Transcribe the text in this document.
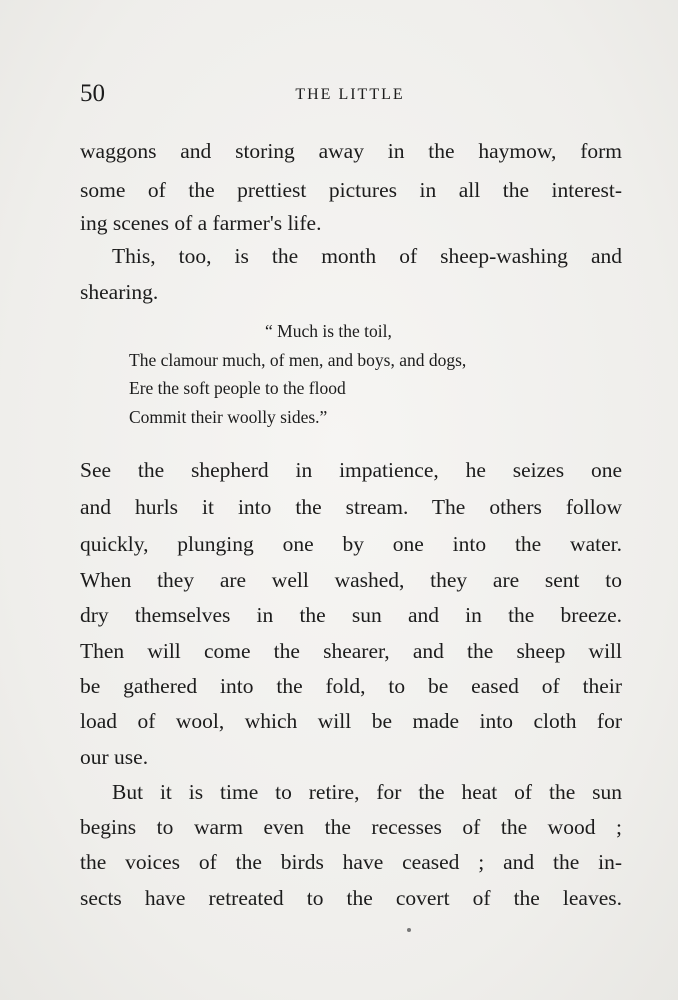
50	THE LITTLE
waggons and storing away in the haymow, form
some of the prettiest pictures in all the interest-
ing scenes of a farmer's life.
This, too, is the month of sheep-washing and
shearing.
“ Much is the toil,
The clamour much, of men, and boys, and dogs,
Ere the soft people to the flood
Commit their woolly sides.”
See the shepherd in impatience, he seizes one
and hurls it into the stream. The others follow
quickly, plunging one by one into the water.
When they are well washed, they are sent to
dry themselves in the sun and in the breeze.
Then will come the shearer, and the sheep will
be gathered into the fold, to be eased of their
load of wool, which will be made into cloth for
our use.
But it is time to retire, for the heat of the sun
begins to warm even the recesses of the wood ;
the voices of the birds have ceased ; and the in-
sects have retreated to the covert of the leaves.
